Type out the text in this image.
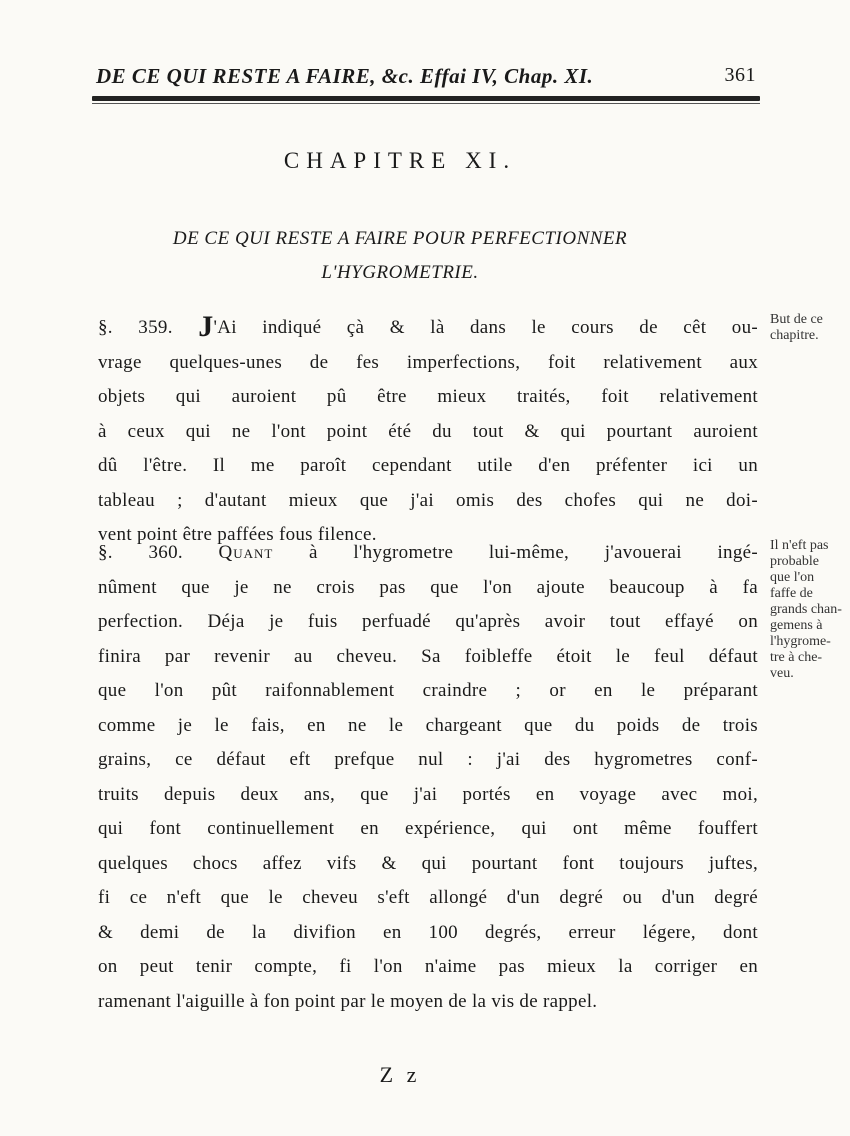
DE CE QUI RESTE A FAIRE, &c. Effai IV, Chap. XI.	361
CHAPITRE XI.
DE CE QUI RESTE A FAIRE POUR PERFECTIONNER
L'HYGROMETRIE.
§. 359. J'Ai indiqué çà & là dans le cours de cêt ou-
vrage quelques-unes de fes imperfections, foit relativement aux
objets qui auroient pû être mieux traités, foit relativement
à ceux qui ne l'ont point été du tout & qui pourtant auroient
dû l'être. Il me paroît cependant utile d'en préfenter ici un
tableau ; d'autant mieux que j'ai omis des chofes qui ne doi-
vent point être paffées fous filence.
But de ce
chapitre.
§. 360. Quant à l'hygrometre lui-même, j'avouerai ingé-
nûment que je ne crois pas que l'on ajoute beaucoup à fa
perfection. Déja je fuis perfuadé qu'après avoir tout effayé on
finira par revenir au cheveu. Sa foibleffe étoit le feul défaut
que l'on pût raifonnablement craindre ; or en le préparant
comme je le fais, en ne le chargeant que du poids de trois
grains, ce défaut eft prefque nul : j'ai des hygrometres conf-
truits depuis deux ans, que j'ai portés en voyage avec moi,
qui font continuellement en expérience, qui ont même fouffert
quelques chocs affez vifs & qui pourtant font toujours juftes,
fi ce n'eft que le cheveu s'eft allongé d'un degré ou d'un degré
& demi de la divifion en 100 degrés, erreur légere, dont
on peut tenir compte, fi l'on n'aime pas mieux la corriger en
ramenant l'aiguille à fon point par le moyen de la vis de rappel.
Il n'eft pas
probable
que l'on
faffe de
grands chan-
gemens à
l'hygrome-
tre à che-
veu.
Z z
